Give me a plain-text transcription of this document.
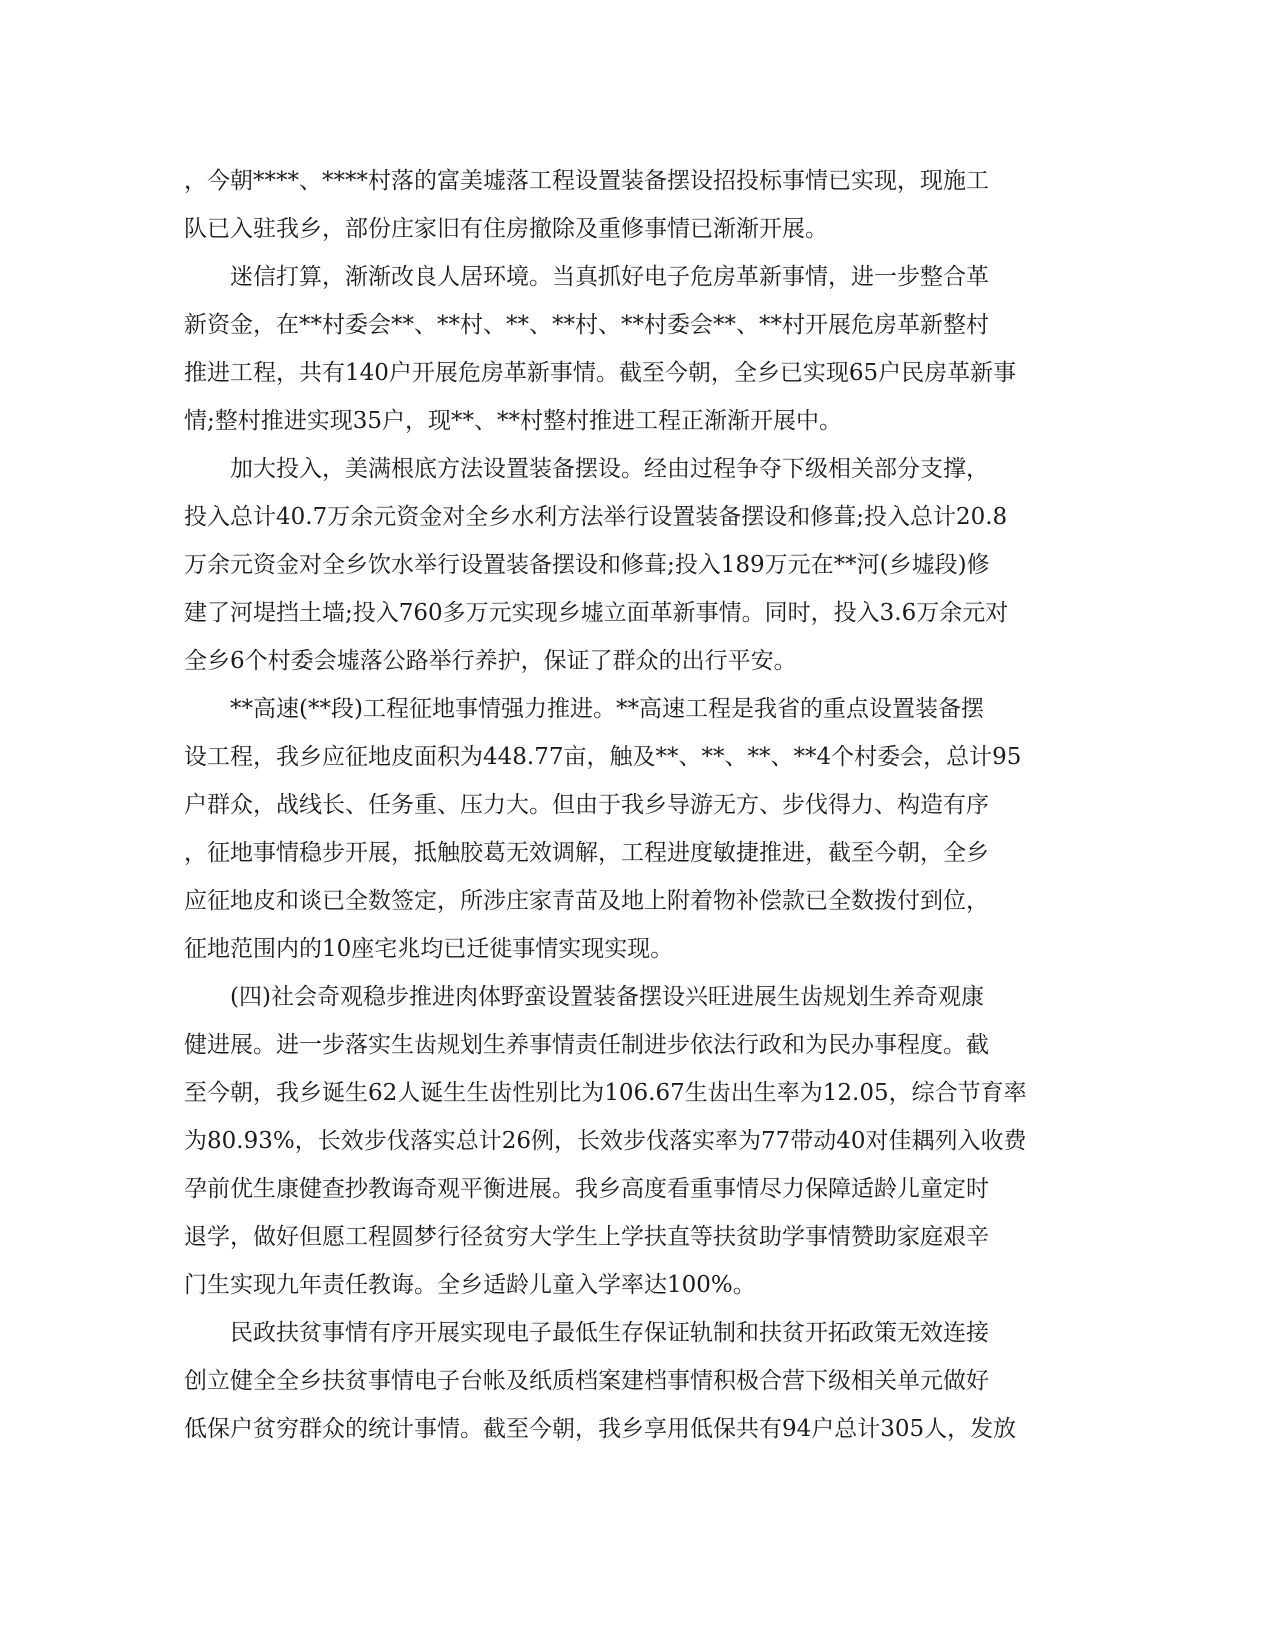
，今朝****、****村落的富美墟落工程设置装备摆设招投标事情已实现，现施工
队已入驻我乡，部份庄家旧有住房撤除及重修事情已渐渐开展。
迷信打算，渐渐改良人居环境。当真抓好电子危房革新事情，进一步整合革
新资金，在**村委会**、**村、**、**村、**村委会**、**村开展危房革新整村
推进工程，共有140户开展危房革新事情。截至今朝，全乡已实现65户民房革新事
情;整村推进实现35户，现**、**村整村推进工程正渐渐开展中。
加大投入，美满根底方法设置装备摆设。经由过程争夺下级相关部分支撑，
投入总计40.7万余元资金对全乡水利方法举行设置装备摆设和修葺;投入总计20.8
万余元资金对全乡饮水举行设置装备摆设和修葺;投入189万元在**河(乡墟段)修
建了河堤挡土墙;投入760多万元实现乡墟立面革新事情。同时，投入3.6万余元对
全乡6个村委会墟落公路举行养护，保证了群众的出行平安。
**高速(**段)工程征地事情强力推进。**高速工程是我省的重点设置装备摆
设工程，我乡应征地皮面积为448.77亩，触及**、**、**、**4个村委会，总计95
户群众，战线长、任务重、压力大。但由于我乡导游无方、步伐得力、构造有序
，征地事情稳步开展，抵触胶葛无效调解，工程进度敏捷推进，截至今朝，全乡
应征地皮和谈已全数签定，所涉庄家青苗及地上附着物补偿款已全数拨付到位，
征地范围内的10座宅兆均已迁徙事情实现实现。
(四)社会奇观稳步推进肉体野蛮设置装备摆设兴旺进展生齿规划生养奇观康
健进展。进一步落实生齿规划生养事情责任制进步依法行政和为民办事程度。截
至今朝，我乡诞生62人诞生生齿性别比为106.67生齿出生率为12.05，综合节育率
为80.93%，长效步伐落实总计26例，长效步伐落实率为77带动40对佳耦列入收费
孕前优生康健查抄教诲奇观平衡进展。我乡高度看重事情尽力保障适龄儿童定时
退学，做好但愿工程圆梦行径贫穷大学生上学扶直等扶贫助学事情赞助家庭艰辛
门生实现九年责任教诲。全乡适龄儿童入学率达100%。
民政扶贫事情有序开展实现电子最低生存保证轨制和扶贫开拓政策无效连接
创立健全全乡扶贫事情电子台帐及纸质档案建档事情积极合营下级相关单元做好
低保户贫穷群众的统计事情。截至今朝，我乡享用低保共有94户总计305人，发放
